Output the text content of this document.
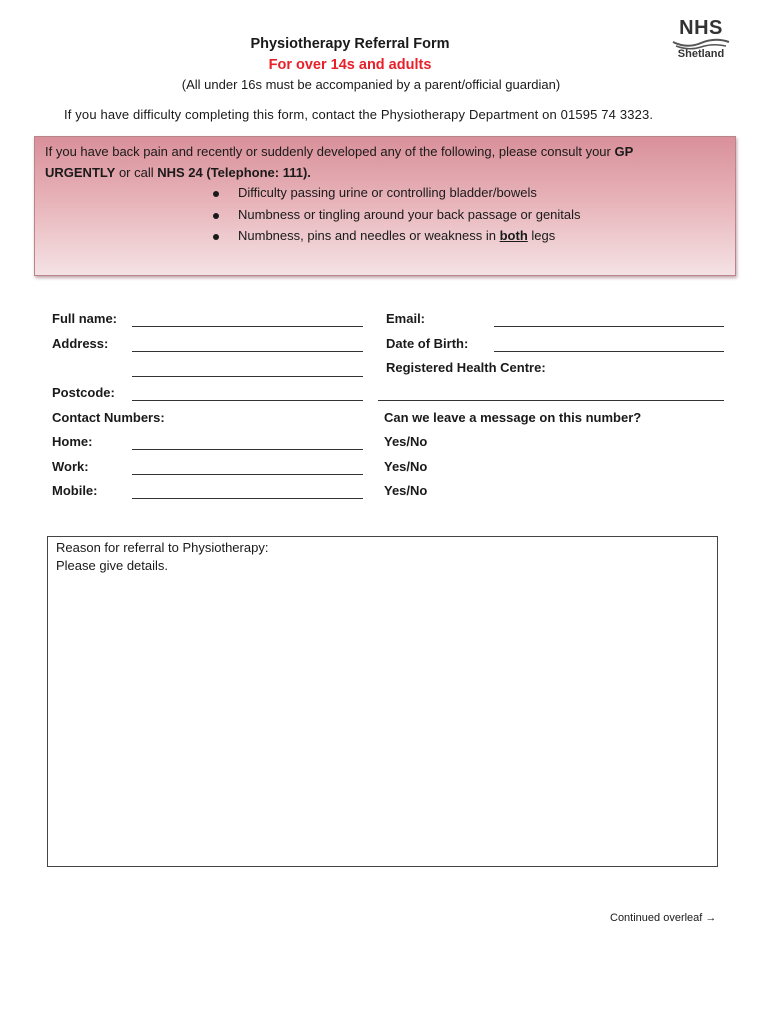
NHS
Shetland
Physiotherapy Referral Form
For over 14s and adults
(All under 16s must be accompanied by a parent/official guardian)
If you have difficulty completing this form, contact the Physiotherapy Department on 01595 74 3323.
If you have back pain and recently or suddenly developed any of the following, please consult your GP
URGENTLY or call NHS 24 (Telephone: 111).
Difficulty passing urine or controlling bladder/bowels
Numbness or tingling around your back passage or genitals
Numbness, pins and needles or weakness in both legs
Full name:
Address:
Postcode:
Contact Numbers:
Home:
Work:
Mobile:
Email:
Date of Birth:
Registered Health Centre:
Can we leave a message on this number?
Yes/No
Yes/No
Yes/No
Reason for referral to Physiotherapy:
Please give details.
Continued overleaf →
